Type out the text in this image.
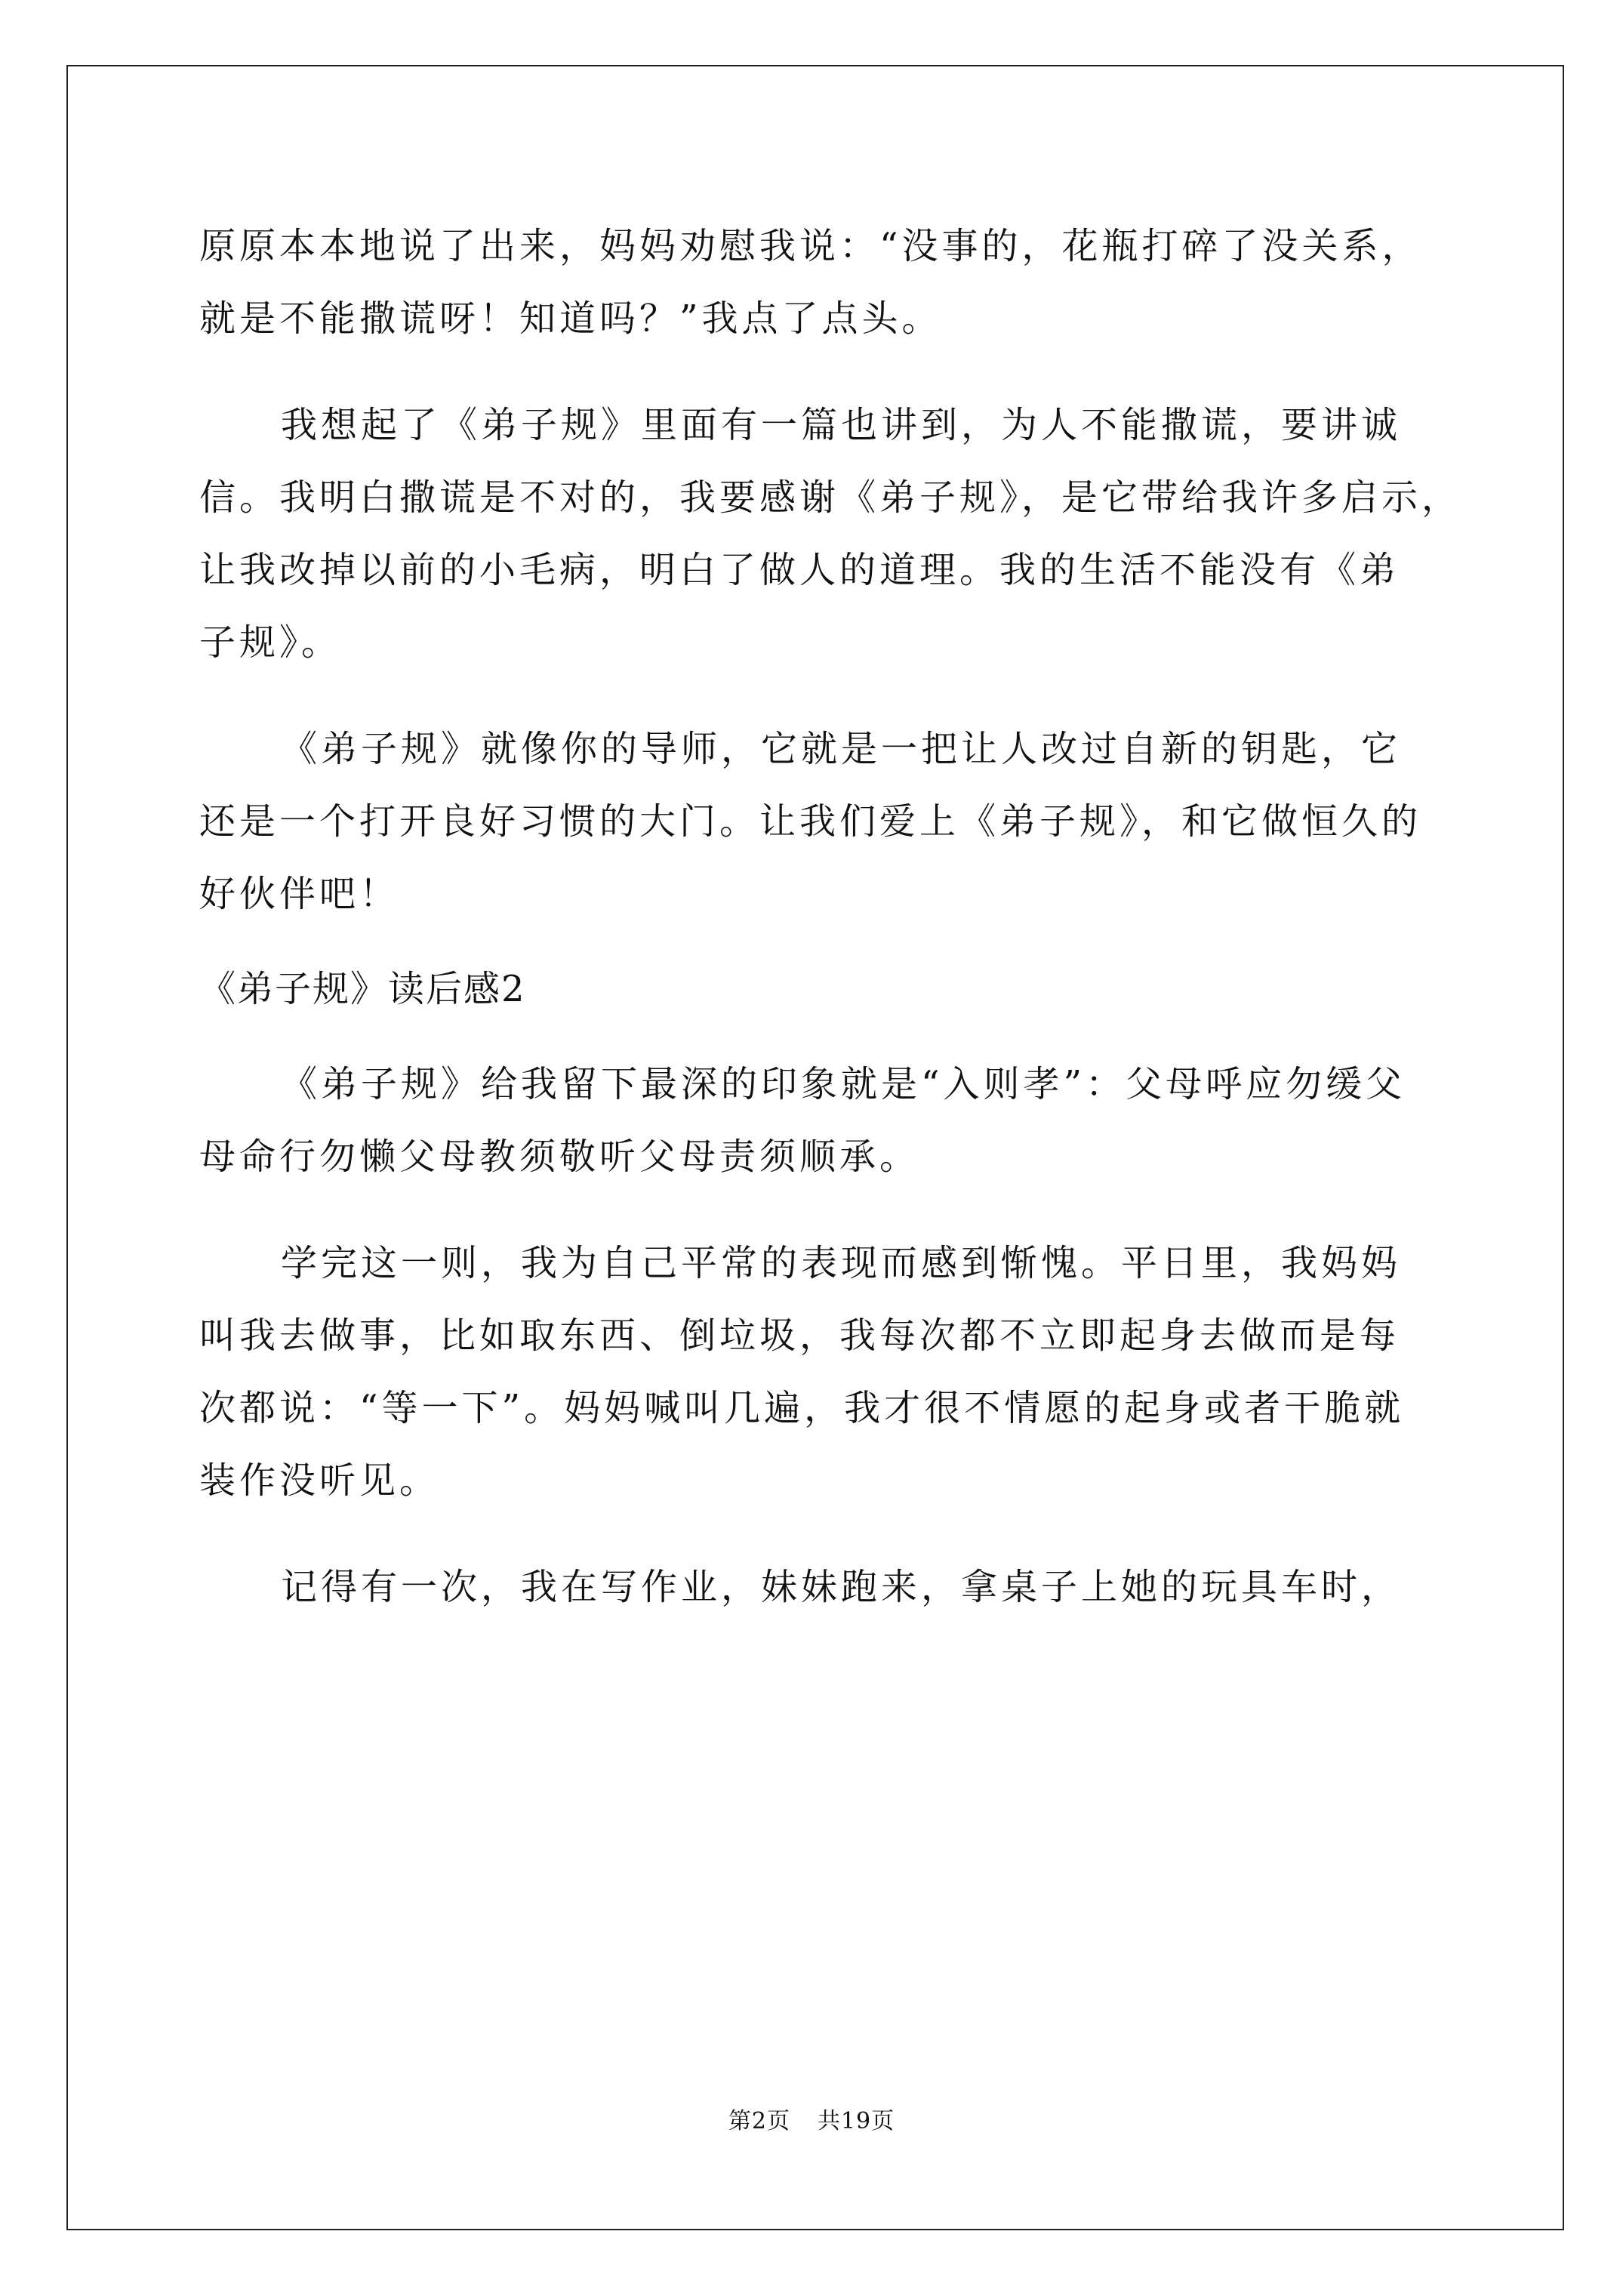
原原本本地说了出来，妈妈劝慰我说：“没事的，花瓶打碎了没关系，
就是不能撒谎呀！知道吗？”我点了点头。
我想起了《弟子规》里面有一篇也讲到，为人不能撒谎，要讲诚
信。我明白撒谎是不对的，我要感谢《弟子规》，是它带给我许多启示，
让我改掉以前的小毛病，明白了做人的道理。我的生活不能没有《弟
子规》。
《弟子规》就像你的导师，它就是一把让人改过自新的钥匙，它
还是一个打开良好习惯的大门。让我们爱上《弟子规》，和它做恒久的
好伙伴吧！
《弟子规》读后感2
《弟子规》给我留下最深的印象就是“入则孝”：父母呼应勿缓父
母命行勿懒父母教须敬听父母责须顺承。
学完这一则，我为自己平常的表现而感到惭愧。平日里，我妈妈
叫我去做事，比如取东西、倒垃圾，我每次都不立即起身去做而是每
次都说：“等一下”。妈妈喊叫几遍，我才很不情愿的起身或者干脆就
装作没听见。
记得有一次，我在写作业，妹妹跑来，拿桌子上她的玩具车时，
第2页 共19页
